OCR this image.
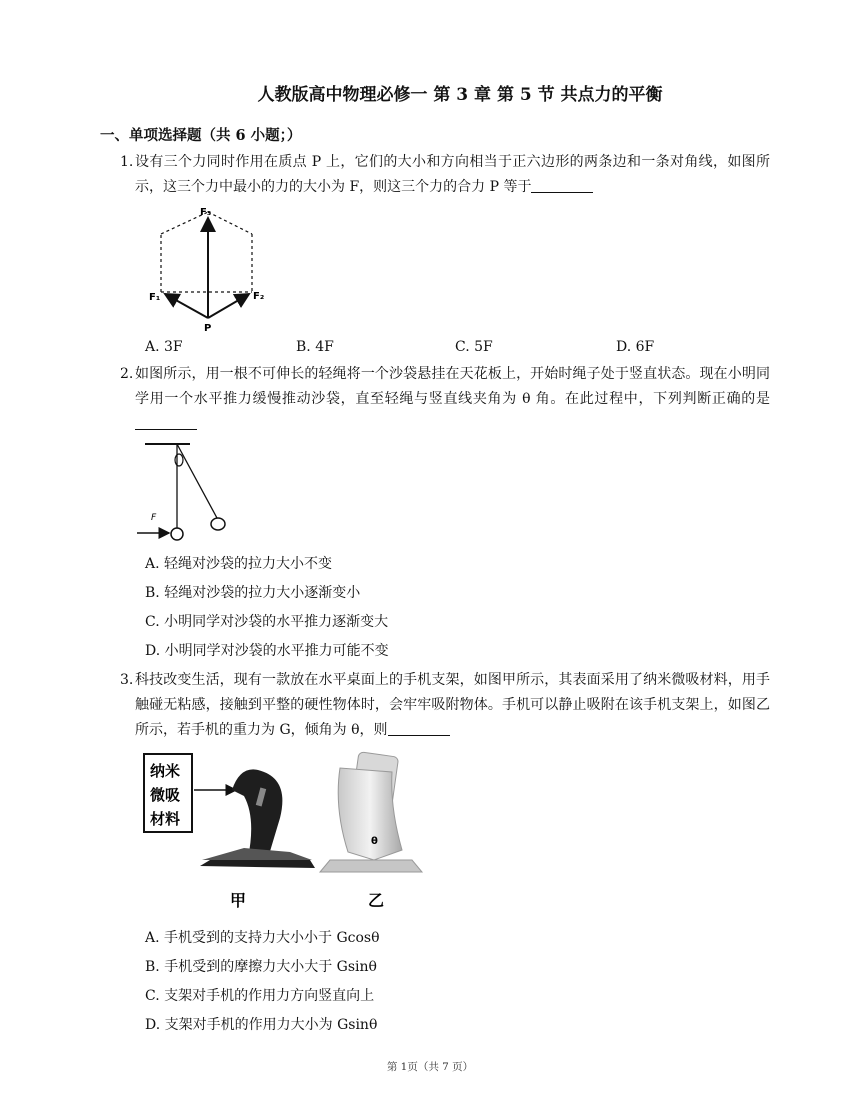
人教版高中物理必修一 第 3 章 第 5 节 共点力的平衡
一、单项选择题（共 6 小题；）
1. 设有三个力同时作用在质点 P 上，它们的大小和方向相当于正六边形的两条边和一条对角线，如图所示，这三个力中最小的力的大小为 F，则这三个力的合力 P 等于
F₃
F₁	F₂
P
A. 3F	B. 4F	C. 5F	D. 6F
2. 如图所示，用一根不可伸长的轻绳将一个沙袋悬挂在天花板上，开始时绳子处于竖直状态。现在小明同学用一个水平推力缓慢推动沙袋，直至轻绳与竖直线夹角为 θ 角。在此过程中，下列判断正确的是
F
A. 轻绳对沙袋的拉力大小不变
B. 轻绳对沙袋的拉力大小逐渐变小
C. 小明同学对沙袋的水平推力逐渐变大
D. 小明同学对沙袋的水平推力可能不变
3. 科技改变生活，现有一款放在水平桌面上的手机支架，如图甲所示，其表面采用了纳米微吸材料，用手触碰无粘感，接触到平整的硬性物体时，会牢牢吸附物体。手机可以静止吸附在该手机支架上，如图乙所示，若手机的重力为 G，倾角为 θ，则
纳米
微吸
材料
甲
θ
乙
A. 手机受到的支持力大小小于 Gcosθ
B. 手机受到的摩擦力大小大于 Gsinθ
C. 支架对手机的作用力方向竖直向上
D. 支架对手机的作用力大小为 Gsinθ
第 1页（共 7 页）
